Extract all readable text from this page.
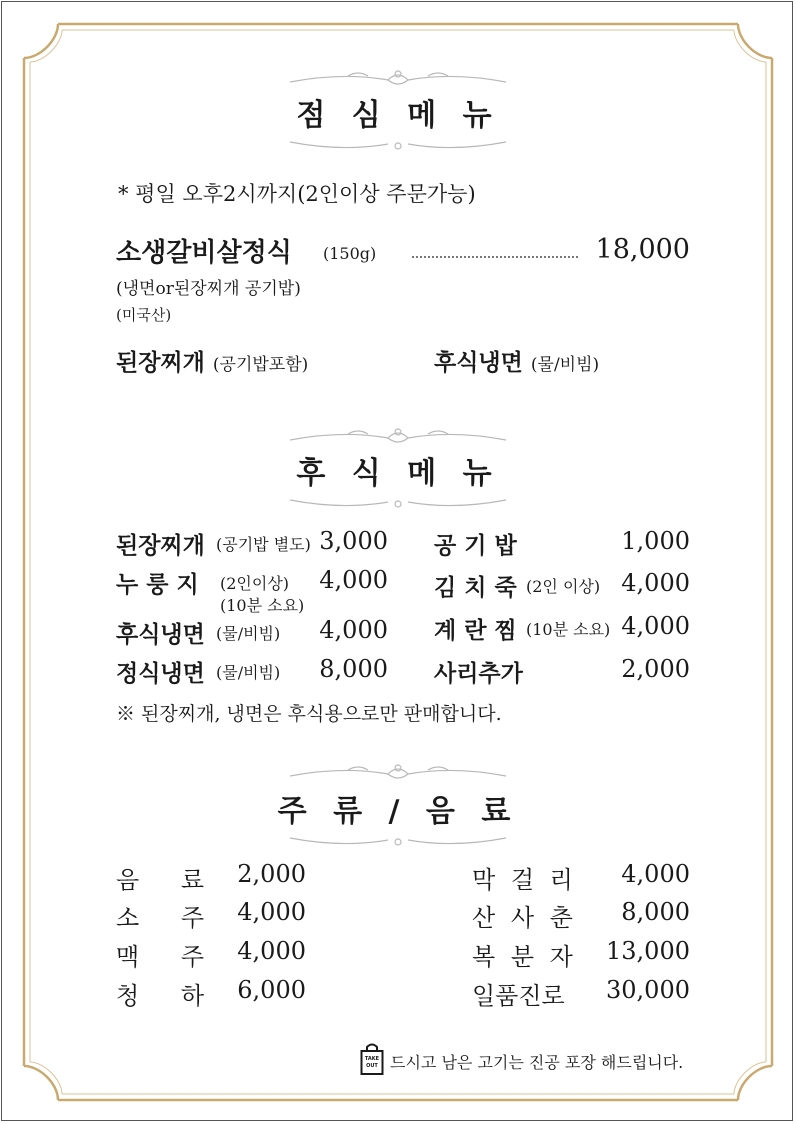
점 심 메 뉴
* 평일 오후2시까지(2인이상 주문가능)
소생갈비살정식 (150g)	18,000
(냉면or된장찌개 공기밥)
(미국산)
된장찌개 (공기밥포함)	후식냉면 (물/비빔)
후 식 메 뉴
된장찌개 (공기밥 별도) 3,000
누 룽 지 (2인이상)	4,000
(10분 소요)
후식냉면 (물/비빔)	4,000
정식냉면 (물/비빔)	8,000
공 기 밥	1,000
김 치 죽 (2인 이상) 4,000
계 란 찜 (10분 소요) 4,000
사리추가	2,000
※ 된장찌개, 냉면은 후식용으로만 판매합니다.
주 류 / 음 료
음 료	2,000
소 주	4,000
맥 주	4,000
청 하	6,000
막 걸 리	4,000
산 사 춘	8,000
복 분 자	13,000
일품진로	30,000
TAKE OUT 드시고 남은 고기는 진공 포장 해드립니다.
